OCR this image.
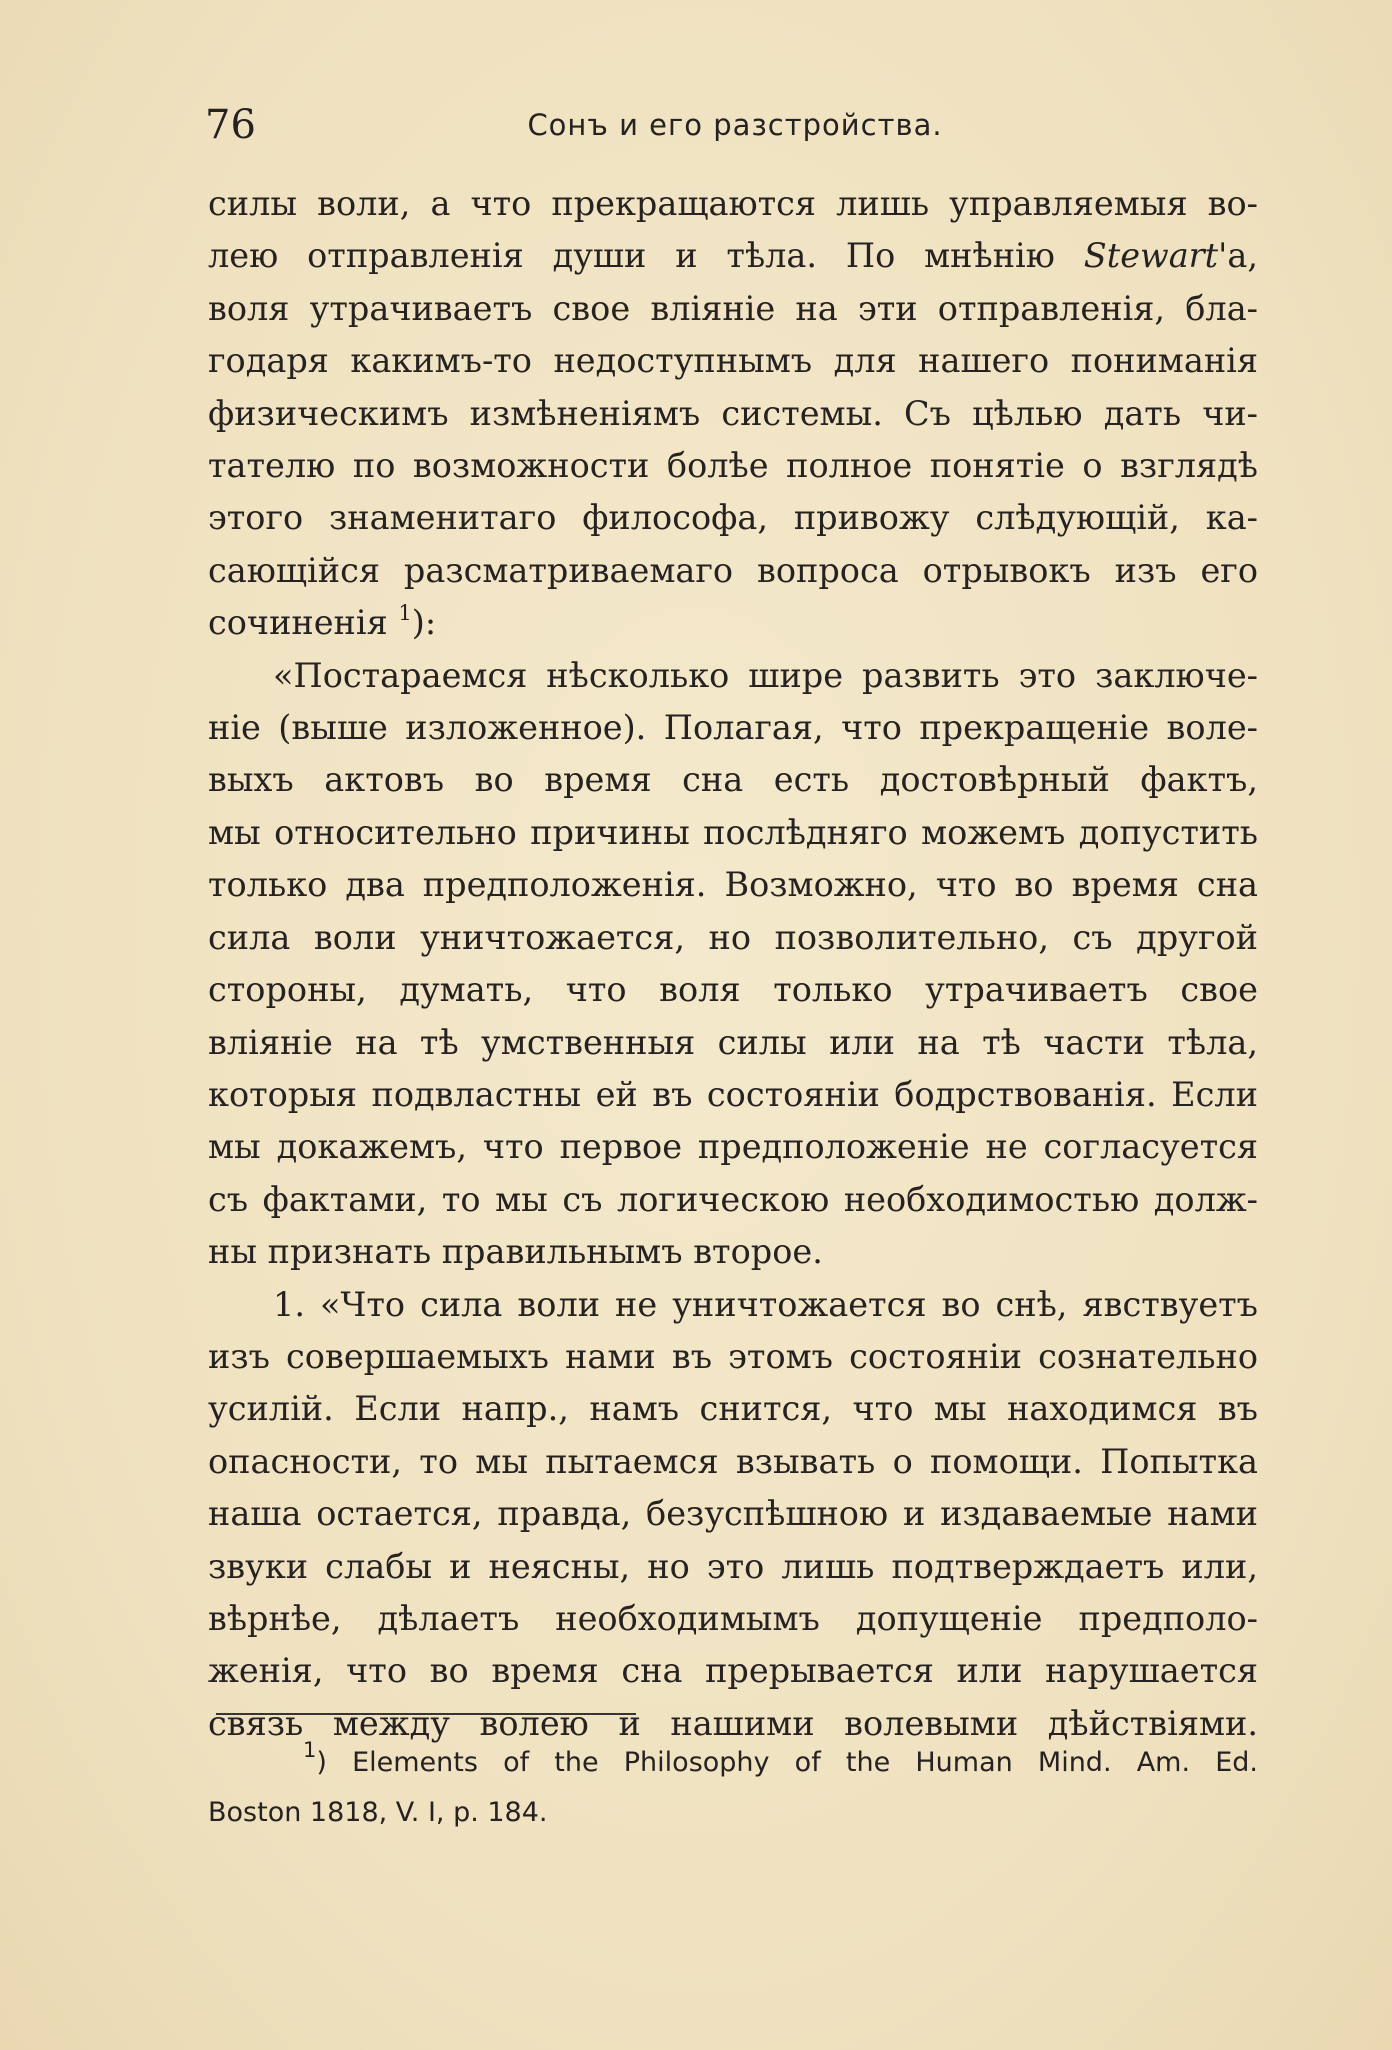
76	Сонъ и его разстройства.

силы воли, а что прекращаются лишь управляемыя во-
лею отправленія души и тѣла. По мнѣнію Stewart'а,
воля утрачиваетъ свое вліяніе на эти отправленія, бла-
годаря какимъ-то недоступнымъ для нашего пониманія
физическимъ измѣненіямъ системы. Съ цѣлью дать чи-
тателю по возможности болѣе полное понятіе о взглядѣ
этого знаменитаго философа, привожу слѣдующій, ка-
сающійся разсматриваемаго вопроса отрывокъ изъ его
сочиненія $^1$):

«Постараемся нѣсколько шире развить это заключе-
ніе (выше изложенное). Полагая, что прекращеніе воле-
выхъ актовъ во время сна есть достовѣрный фактъ,
мы относительно причины послѣдняго можемъ допустить
только два предположенія. Возможно, что во время сна
сила воли уничтожается, но позволительно, съ другой
стороны, думать, что воля только утрачиваетъ свое
вліяніе на тѣ умственныя силы или на тѣ части тѣла,
которыя подвластны ей въ состояніи бодрствованія. Если
мы докажемъ, что первое предположеніе не согласуется
съ фактами, то мы съ логическою необходимостью долж-
ны признать правильнымъ второе.

1. «Что сила воли не уничтожается во снѣ, явствуетъ
изъ совершаемыхъ нами въ этомъ состояніи сознательно
усилій. Если напр., намъ снится, что мы находимся въ
опасности, то мы пытаемся взывать о помощи. Попытка
наша остается, правда, безуспѣшною и издаваемые нами
звуки слабы и неясны, но это лишь подтверждаетъ или,
вѣрнѣе, дѣлаетъ необходимымъ допущеніе предполо-
женія, что во время сна прерывается или нарушается
связь между волею и нашими волевыми дѣйствіями.

$^1$) Elements of the Philosophy of the Human Mind. Am. Ed.
Boston 1818, V. I, p. 184.
